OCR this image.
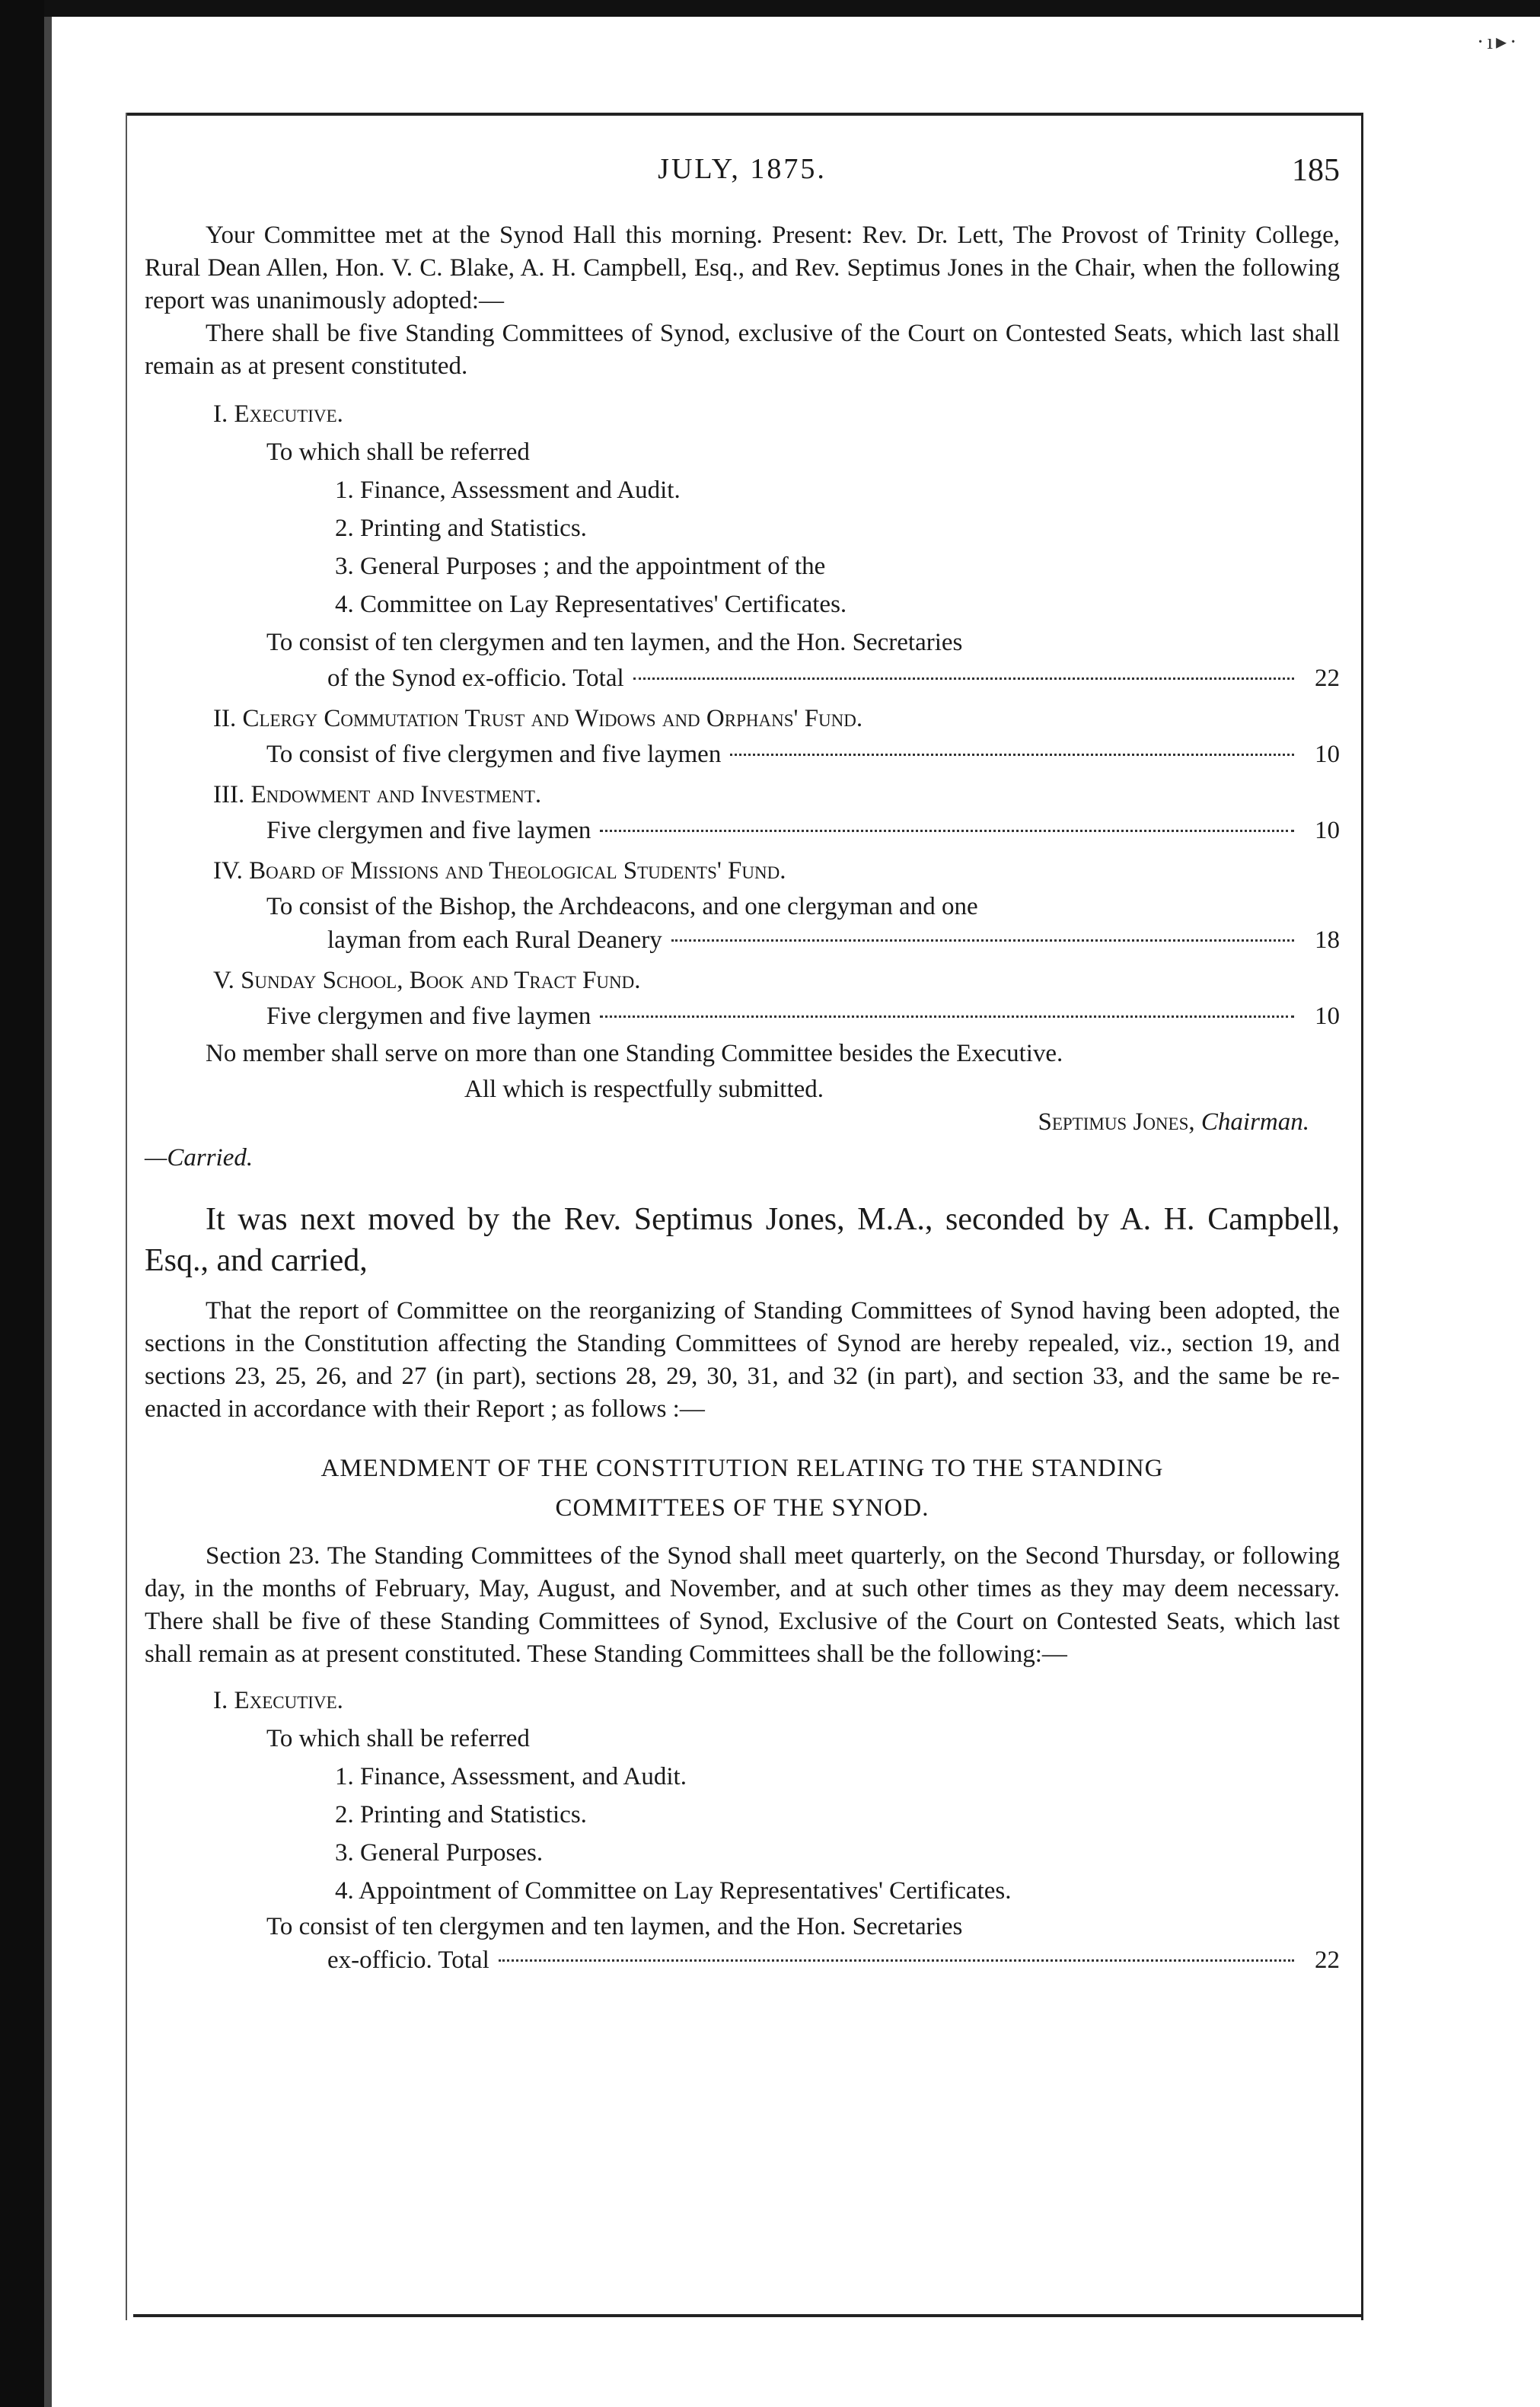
·ı▸·
JULY, 1875.	185

Your Committee met at the Synod Hall this morning. Present: Rev. Dr. Lett, The Provost of Trinity College, Rural Dean Allen, Hon. V. C. Blake, A. H. Campbell, Esq., and Rev. Septimus Jones in the Chair, when the following report was unanimously adopted:—

There shall be five Standing Committees of Synod, exclusive of the Court on Contested Seats, which last shall remain as at present constituted.

I. Executive.

To which shall be referred

1. Finance, Assessment and Audit.

2. Printing and Statistics.

3. General Purposes ; and the appointment of the

4. Committee on Lay Representatives' Certificates.

To consist of ten clergymen and ten laymen, and the Hon. Secretaries

of the Synod ex-officio. Total	22

II. Clergy Commutation Trust and Widows and Orphans' Fund.

To consist of five clergymen and five laymen	10

III. Endowment and Investment.

Five clergymen and five laymen	10

IV. Board of Missions and Theological Students' Fund.

To consist of the Bishop, the Archdeacons, and one clergyman and one

layman from each Rural Deanery	18

V. Sunday School, Book and Tract Fund.

Five clergymen and five laymen	10

No member shall serve on more than one Standing Committee besides the Executive.

All which is respectfully submitted.

Septimus Jones, Chairman.

—Carried.

It was next moved by the Rev. Septimus Jones, M.A., seconded by A. H. Campbell, Esq., and carried,

That the report of Committee on the reorganizing of Standing Committees of Synod having been adopted, the sections in the Constitution affecting the Standing Committees of Synod are hereby repealed, viz., section 19, and sections 23, 25, 26, and 27 (in part), sections 28, 29, 30, 31, and 32 (in part), and section 33, and the same be re-enacted in accordance with their Report ; as follows :—

AMENDMENT OF THE CONSTITUTION RELATING TO THE STANDING

COMMITTEES OF THE SYNOD.

Section 23. The Standing Committees of the Synod shall meet quarterly, on the Second Thursday, or following day, in the months of February, May, August, and November, and at such other times as they may deem necessary. There shall be five of these Standing Committees of Synod, Exclusive of the Court on Contested Seats, which last shall remain as at present constituted. These Standing Committees shall be the following:—

I. Executive.

To which shall be referred

1. Finance, Assessment, and Audit.

2. Printing and Statistics.

3. General Purposes.

4. Appointment of Committee on Lay Representatives' Certificates.

To consist of ten clergymen and ten laymen, and the Hon. Secretaries

ex-officio. Total	22
